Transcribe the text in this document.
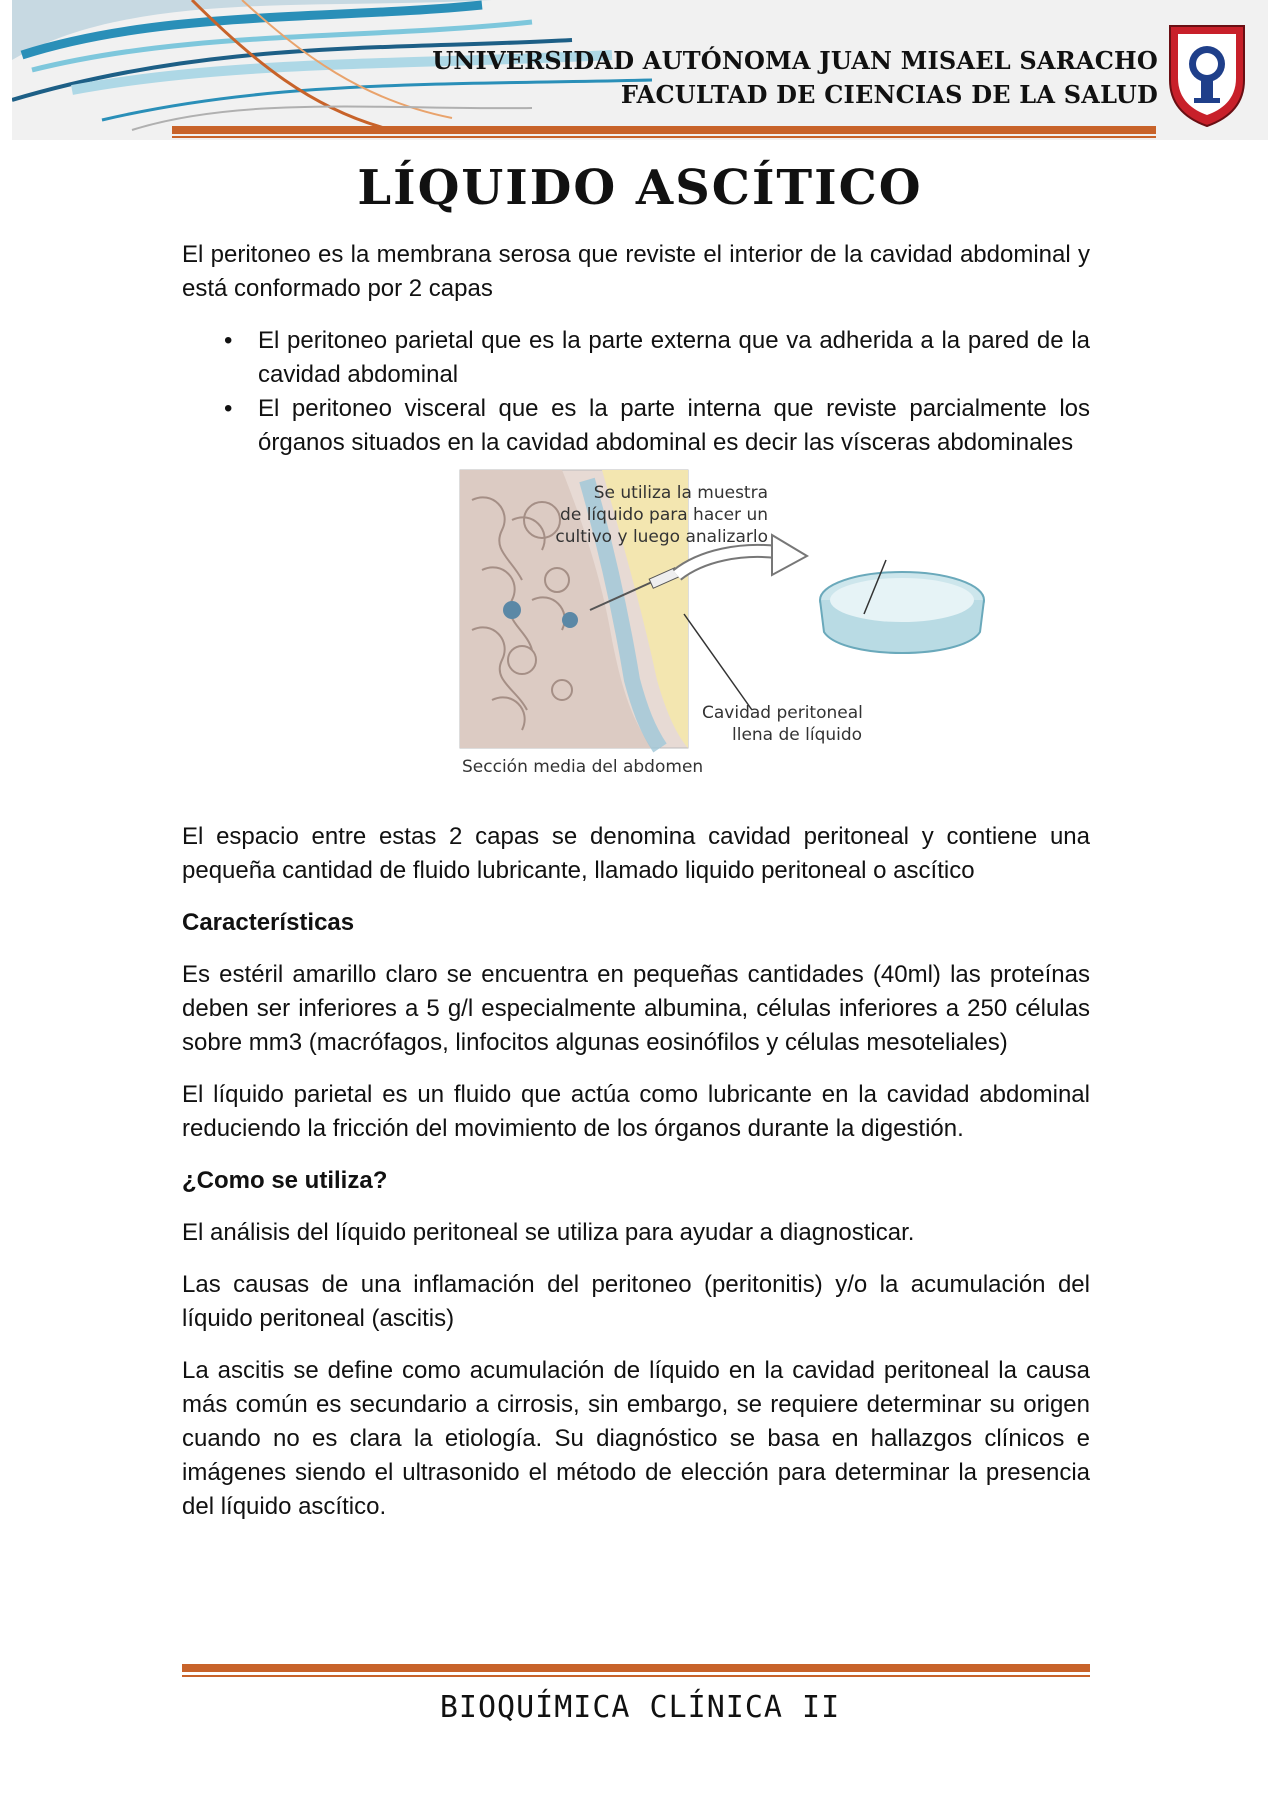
UNIVERSIDAD AUTÓNOMA JUAN MISAEL SARACHO
FACULTAD DE CIENCIAS DE LA SALUD
LÍQUIDO ASCÍTICO

El peritoneo es la membrana serosa que reviste el interior de la cavidad abdominal y está conformado por 2 capas

• El peritoneo parietal que es la parte externa que va adherida a la pared de la cavidad abdominal
• El peritoneo visceral que es la parte interna que reviste parcialmente los órganos situados en la cavidad abdominal es decir las vísceras abdominales
Se utiliza la muestra
de líquido para hacer un
cultivo y luego analizarlo
Cavidad peritoneal
llena de líquido
Sección media del abdomen

El espacio entre estas 2 capas se denomina cavidad peritoneal y contiene una pequeña cantidad de fluido lubricante, llamado liquido peritoneal o ascítico

Características

Es estéril amarillo claro se encuentra en pequeñas cantidades (40ml) las proteínas deben ser inferiores a 5 g/l especialmente albumina, células inferiores a 250 células sobre mm3 (macrófagos, linfocitos algunas eosinófilos y células mesoteliales)

El líquido parietal es un fluido que actúa como lubricante en la cavidad abdominal reduciendo la fricción del movimiento de los órganos durante la digestión.

¿Como se utiliza?

El análisis del líquido peritoneal se utiliza para ayudar a diagnosticar.

Las causas de una inflamación del peritoneo (peritonitis) y/o la acumulación del líquido peritoneal (ascitis)

La ascitis se define como acumulación de líquido en la cavidad peritoneal la causa más común es secundario a cirrosis, sin embargo, se requiere determinar su origen cuando no es clara la etiología. Su diagnóstico se basa en hallazgos clínicos e imágenes siendo el ultrasonido el método de elección para determinar la presencia del líquido ascítico.

BIOQUÍMICA CLÍNICA II
